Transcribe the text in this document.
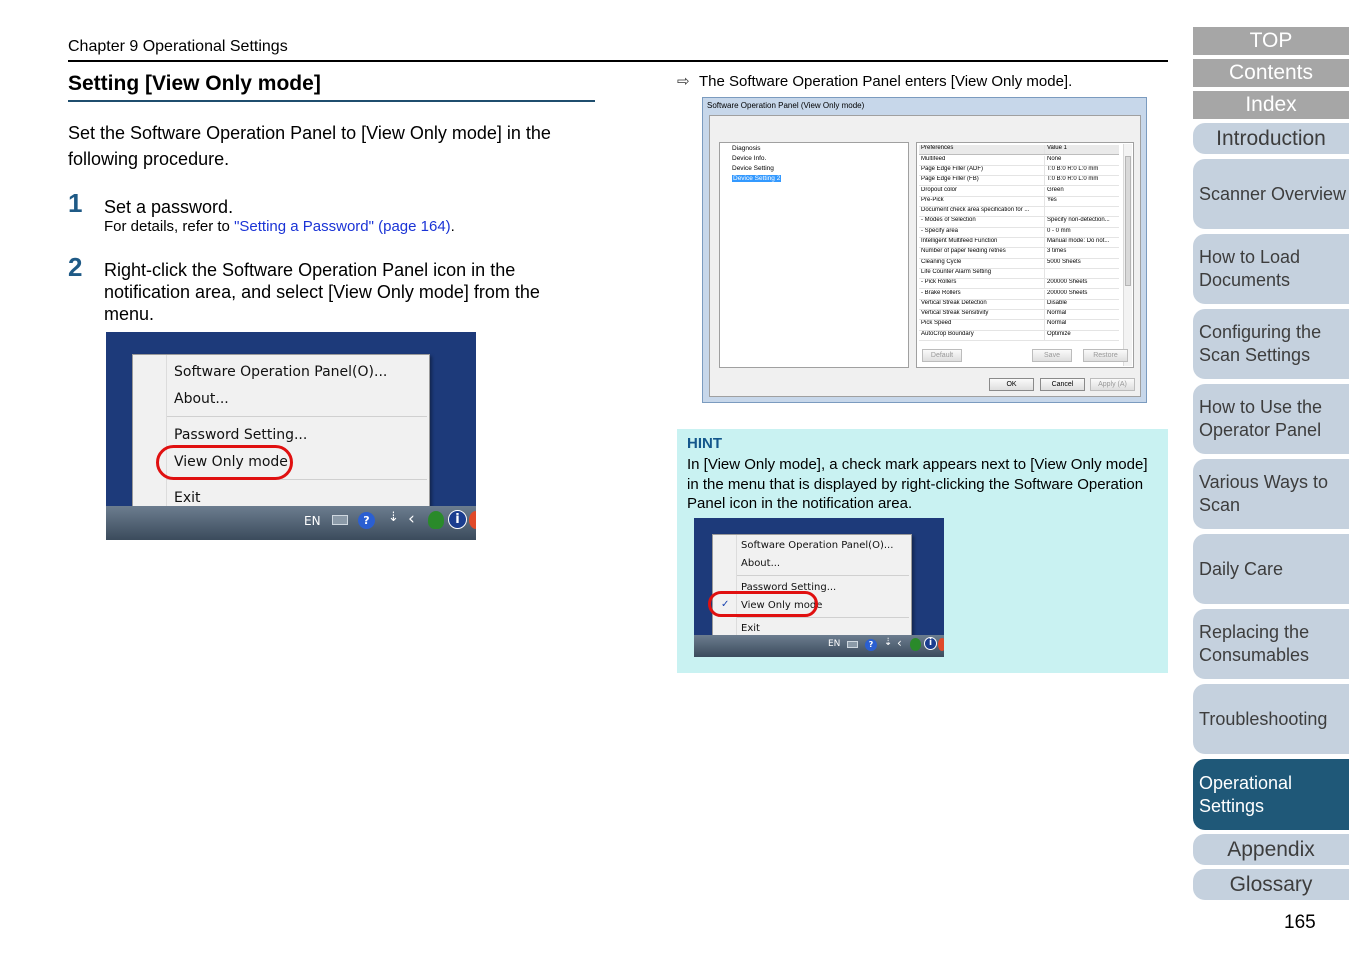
Chapter 9 Operational Settings
Setting [View Only mode]
Set the Software Operation Panel to [View Only mode] in the following procedure.
1 Set a password.
For details, refer to "Setting a Password" (page 164).
2 Right-click the Software Operation Panel icon in the notification area, and select [View Only mode] from the menu.
Software Operation Panel(O)...
About...
Password Setting...
View Only mode
Exit
EN	?	⇣ ‹	i
⇨ The Software Operation Panel enters [View Only mode].
Software Operation Panel (View Only mode)
Diagnosis
Device Info.
Device Setting
Device Setting 2
Preferences	Value 1
Multifeed	None
Page Edge Filler (ADF)	T:0 B:0 R:0 L:0 mm
Page Edge Filler (FB)	T:0 B:0 R:0 L:0 mm
Dropout color	Green
Pre-Pick	Yes
Document check area specification for ...
- Modes of Selection	Specify non-detection...
- Specify area	0 - 0 mm
Intelligent Multifeed Function	Manual mode: Do not...
Number of paper feeding retries	3 times
Cleaning Cycle	5000 Sheets
Life Counter Alarm Setting
- Pick Rollers	200000 Sheets
- Brake Rollers	200000 Sheets
Vertical Streak Detection	Disable
Vertical Streak Sensitivity	Normal
Pick Speed	Normal
AutoCrop Boundary	Optimize
Default	Save	Restore
OK	Cancel	Apply (A)
HINT
In [View Only mode], a check mark appears next to [View Only mode] in the menu that is displayed by right-clicking the Software Operation Panel icon in the notification area.
Software Operation Panel(O)...
About...
Password Setting...
✓ View Only mode
Exit
EN	?	⇣ ‹	i
TOP
Contents
Index
Introduction
Scanner Overview
How to Load Documents
Configuring the Scan Settings
How to Use the Operator Panel
Various Ways to Scan
Daily Care
Replacing the Consumables
Troubleshooting
Operational Settings
Appendix
Glossary
165
